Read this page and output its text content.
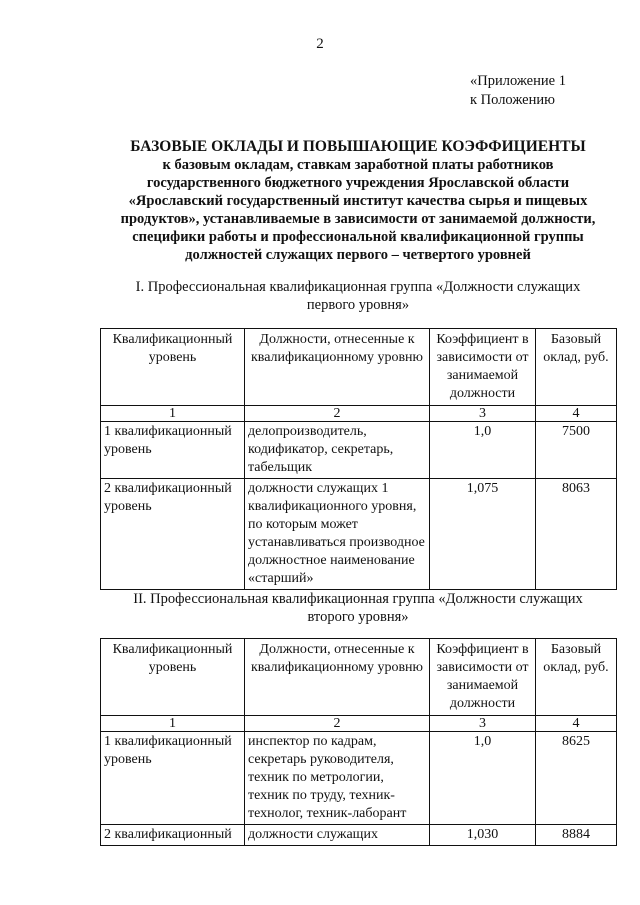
2
«Приложение 1
к Положению
БАЗОВЫЕ ОКЛАДЫ И ПОВЫШАЮЩИЕ КОЭФФИЦИЕНТЫ
к базовым окладам, ставкам заработной платы работников
государственного бюджетного учреждения Ярославской области
«Ярославский государственный институт качества сырья и пищевых
продуктов», устанавливаемые в зависимости от занимаемой должности,
специфики работы и профессиональной квалификационной группы
должностей служащих первого – четвертого уровней
I. Профессиональная квалификационная группа «Должности служащих
первого уровня»
Квалификационный уровень	Должности, отнесенные к квалификационному уровню	Коэффициент в зависимости от занимаемой должности	Базовый оклад, руб.
1	2	3	4
1 квалификационный уровень	делопроизводитель, кодификатор, секретарь, табельщик	1,0	7500
2 квалификационный уровень	должности служащих 1 квалификационного уровня, по которым может устанавливаться производное должностное наименование «старший»	1,075	8063
II. Профессиональная квалификационная группа «Должности служащих
второго уровня»
Квалификационный уровень	Должности, отнесенные к квалификационному уровню	Коэффициент в зависимости от занимаемой должности	Базовый оклад, руб.
1	2	3	4
1 квалификационный уровень	инспектор по кадрам, секретарь руководителя, техник по метрологии, техник по труду, техник-технолог, техник-лаборант	1,0	8625
2 квалификационный	должности служащих	1,030	8884
